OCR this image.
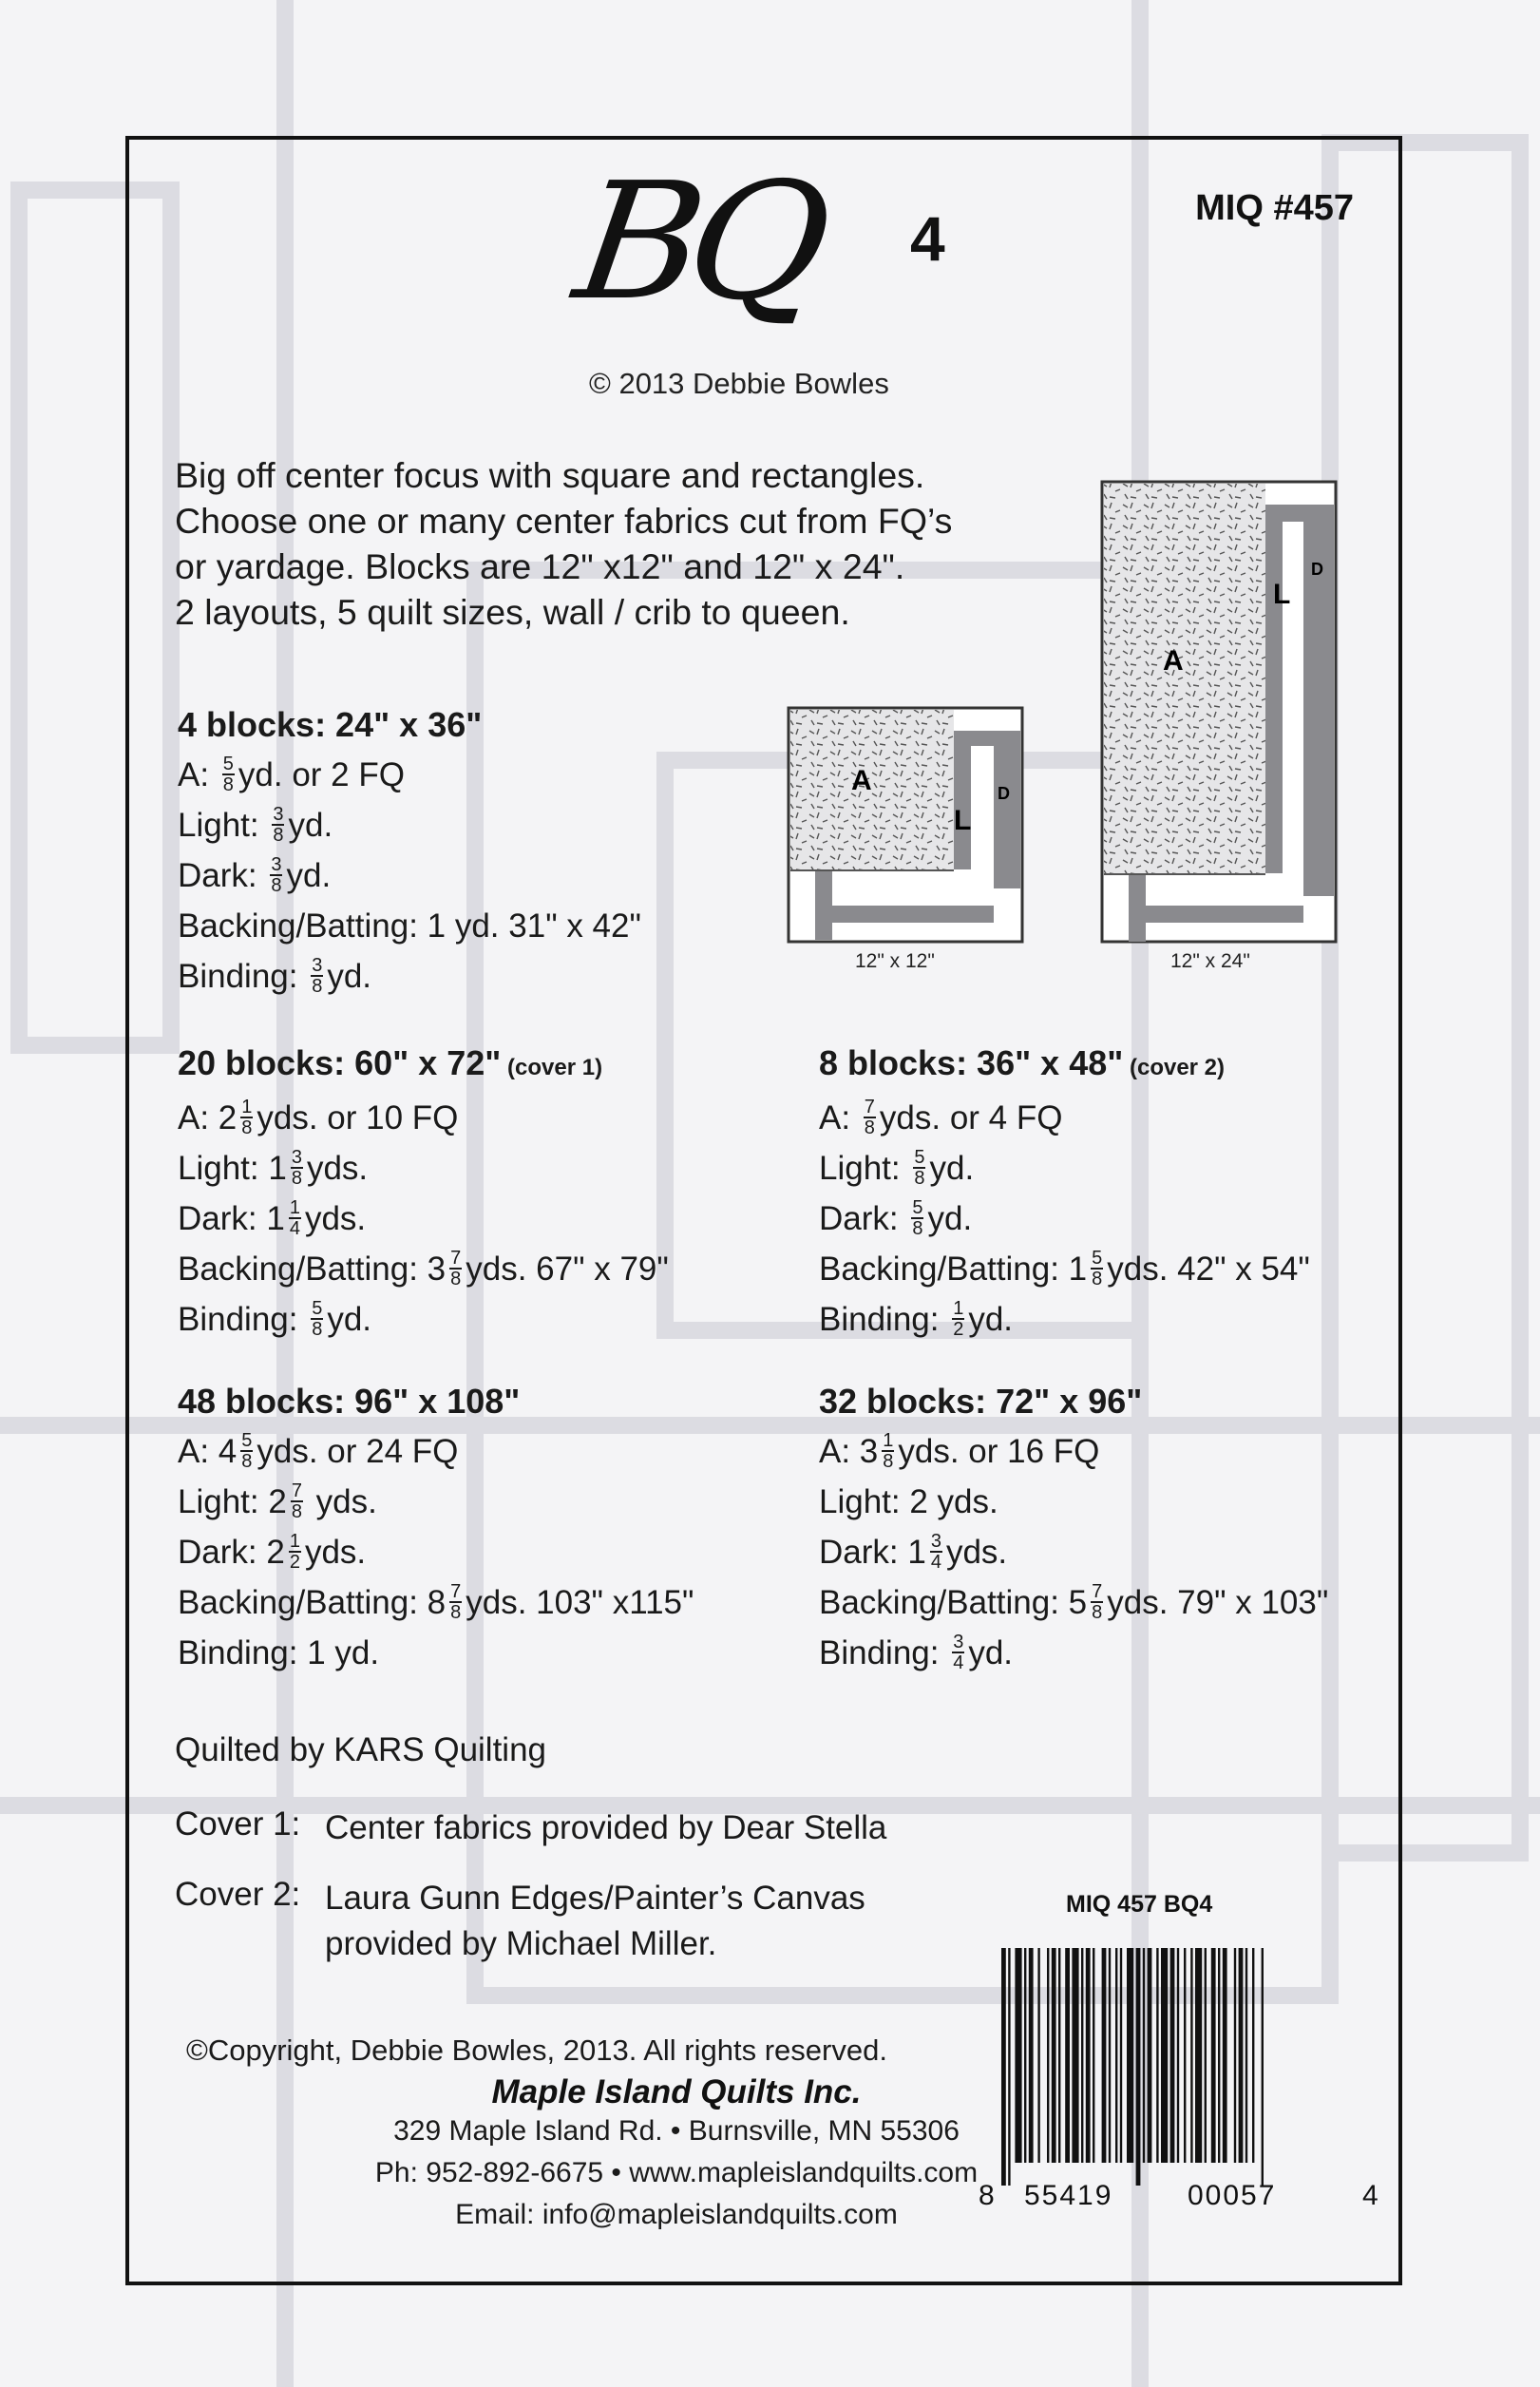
BQ 4	MIQ #457
© 2013 Debbie Bowles
Big off center focus with square and rectangles.
Choose one or many center fabrics cut from FQ’s
or yardage. Blocks are 12" x12" and 12" x 24".
2 layouts, 5 quilt sizes, wall / crib to queen.
A
L
D
12" x 12"
A
L
D
12" x 24"
4 blocks: 24" x 36"
A: $\frac{5}{8}$ yd. or 2 FQ
Light: $\frac{3}{8}$ yd.
Dark: $\frac{3}{8}$ yd.
Backing/Batting: 1 yd. 31" x 42"
Binding: $\frac{3}{8}$ yd.
20 blocks: 60" x 72" (cover 1)
A: $2 \frac{1}{8}$ yds. or 10 FQ
Light: $1 \frac{3}{8}$ yds.
Dark: $1 \frac{1}{4}$ yds.
Backing/Batting: $3 \frac{7}{8}$ yds. 67" x 79"
Binding: $\frac{5}{8}$ yd.
8 blocks: 36" x 48" (cover 2)
A: $\frac{7}{8}$ yds. or 4 FQ
Light: $\frac{5}{8}$ yd.
Dark: $\frac{5}{8}$ yd.
Backing/Batting: $1 \frac{5}{8}$ yds. 42" x 54"
Binding: $\frac{1}{2}$ yd.
48 blocks: 96" x 108"
A: $4 \frac{5}{8}$ yds. or 24 FQ
Light: $2 \frac{7}{8}$ yds.
Dark: $2 \frac{1}{2}$ yds.
Backing/Batting: $8 \frac{7}{8}$ yds. 103" x115"
Binding: 1 yd.
32 blocks: 72" x 96"
A: $3 \frac{1}{8}$ yds. or 16 FQ
Light: 2 yds.
Dark: $1 \frac{3}{4}$ yds.
Backing/Batting: $5 \frac{7}{8}$ yds. 79" x 103"
Binding: $\frac{3}{4}$ yd.
Quilted by KARS Quilting
Cover 1: Center fabrics provided by Dear Stella
Cover 2: Laura Gunn Edges/Painter’s Canvas
provided by Michael Miller.
©Copyright, Debbie Bowles, 2013. All rights reserved.
Maple Island Quilts Inc.
329 Maple Island Rd. • Burnsville, MN 55306
Ph: 952-892-6675 • www.mapleislandquilts.com
Email: info@mapleislandquilts.com
MIQ 457 BQ4
8 55419	00057	4
